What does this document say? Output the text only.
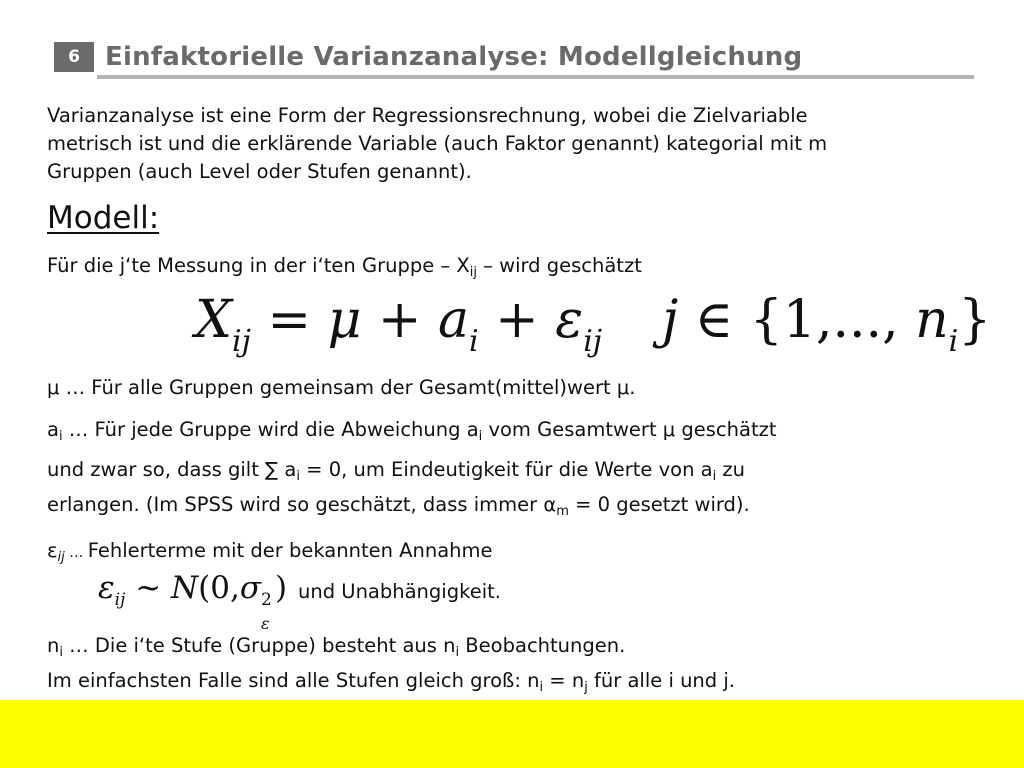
6 Einfaktorielle Varianzanalyse: Modellgleichung
Varianzanalyse ist eine Form der Regressionsrechnung, wobei die Zielvariable
metrisch ist und die erklärende Variable (auch Faktor genannt) kategorial mit m
Gruppen (auch Level oder Stufen genannt).
Modell:
Für die j‘te Messung in der i‘ten Gruppe – $X_{ij}$ – wird geschätzt
$X_{ij} = \mu + a_i + \varepsilon_{ij}$ j ∈ {1,..., $n_i$}
μ … Für alle Gruppen gemeinsam der Gesamt(mittel)wert μ.
$a_i$ … Für jede Gruppe wird die Abweichung $a_i$ vom Gesamtwert μ geschätzt
und zwar so, dass gilt ∑ $a_i = 0$, um Eindeutigkeit für die Werte von $a_i$ zu
erlangen. (Im SPSS wird so geschätzt, dass immer $\alpha_m = 0$ gesetzt wird).
$\varepsilon_{ij}$ … Fehlerterme mit der bekannten Annahme
$\varepsilon_{ij}$ ~ N(0,σ 2
ε
) und Unabhängigkeit.
$n_i$ … Die i‘te Stufe (Gruppe) besteht aus $n_i$ Beobachtungen.
Im einfachsten Falle sind alle Stufen gleich groß: $n_i = n_j$ für alle i und j.
